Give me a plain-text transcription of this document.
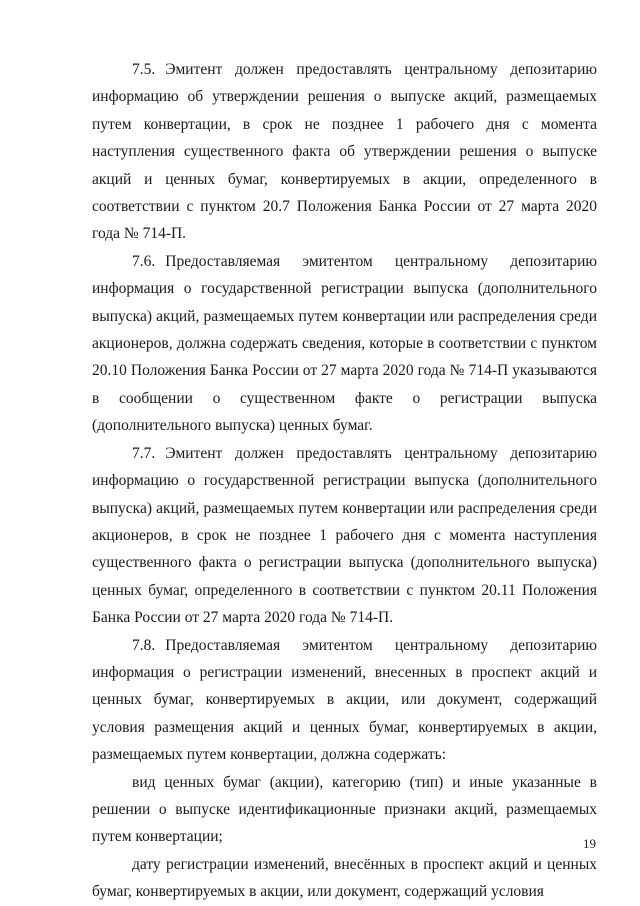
7.5. Эмитент должен предоставлять центральному депозитарию информацию об утверждении решения о выпуске акций, размещаемых путем конвертации, в срок не позднее 1 рабочего дня с момента наступления существенного факта об утверждении решения о выпуске акций и ценных бумаг, конвертируемых в акции, определенного в соответствии с пунктом 20.7 Положения Банка России от 27 марта 2020 года № 714-П.

7.6. Предоставляемая эмитентом центральному депозитарию информация о государственной регистрации выпуска (дополнительного выпуска) акций, размещаемых путем конвертации или распределения среди акционеров, должна содержать сведения, которые в соответствии с пунктом 20.10 Положения Банка России от 27 марта 2020 года № 714-П указываются в сообщении о существенном факте о регистрации выпуска (дополнительного выпуска) ценных бумаг.

7.7. Эмитент должен предоставлять центральному депозитарию информацию о государственной регистрации выпуска (дополнительного выпуска) акций, размещаемых путем конвертации или распределения среди акционеров, в срок не позднее 1 рабочего дня с момента наступления существенного факта о регистрации выпуска (дополнительного выпуска) ценных бумаг, определенного в соответствии с пунктом 20.11 Положения Банка России от 27 марта 2020 года № 714-П.

7.8. Предоставляемая эмитентом центральному депозитарию информация о регистрации изменений, внесенных в проспект акций и ценных бумаг, конвертируемых в акции, или документ, содержащий условия размещения акций и ценных бумаг, конвертируемых в акции, размещаемых путем конвертации, должна содержать:

вид ценных бумаг (акции), категорию (тип) и иные указанные в решении о выпуске идентификационные признаки акций, размещаемых путем конвертации;

дату регистрации изменений, внесённых в проспект акций и ценных бумаг, конвертируемых в акции, или документ, содержащий условия

19
